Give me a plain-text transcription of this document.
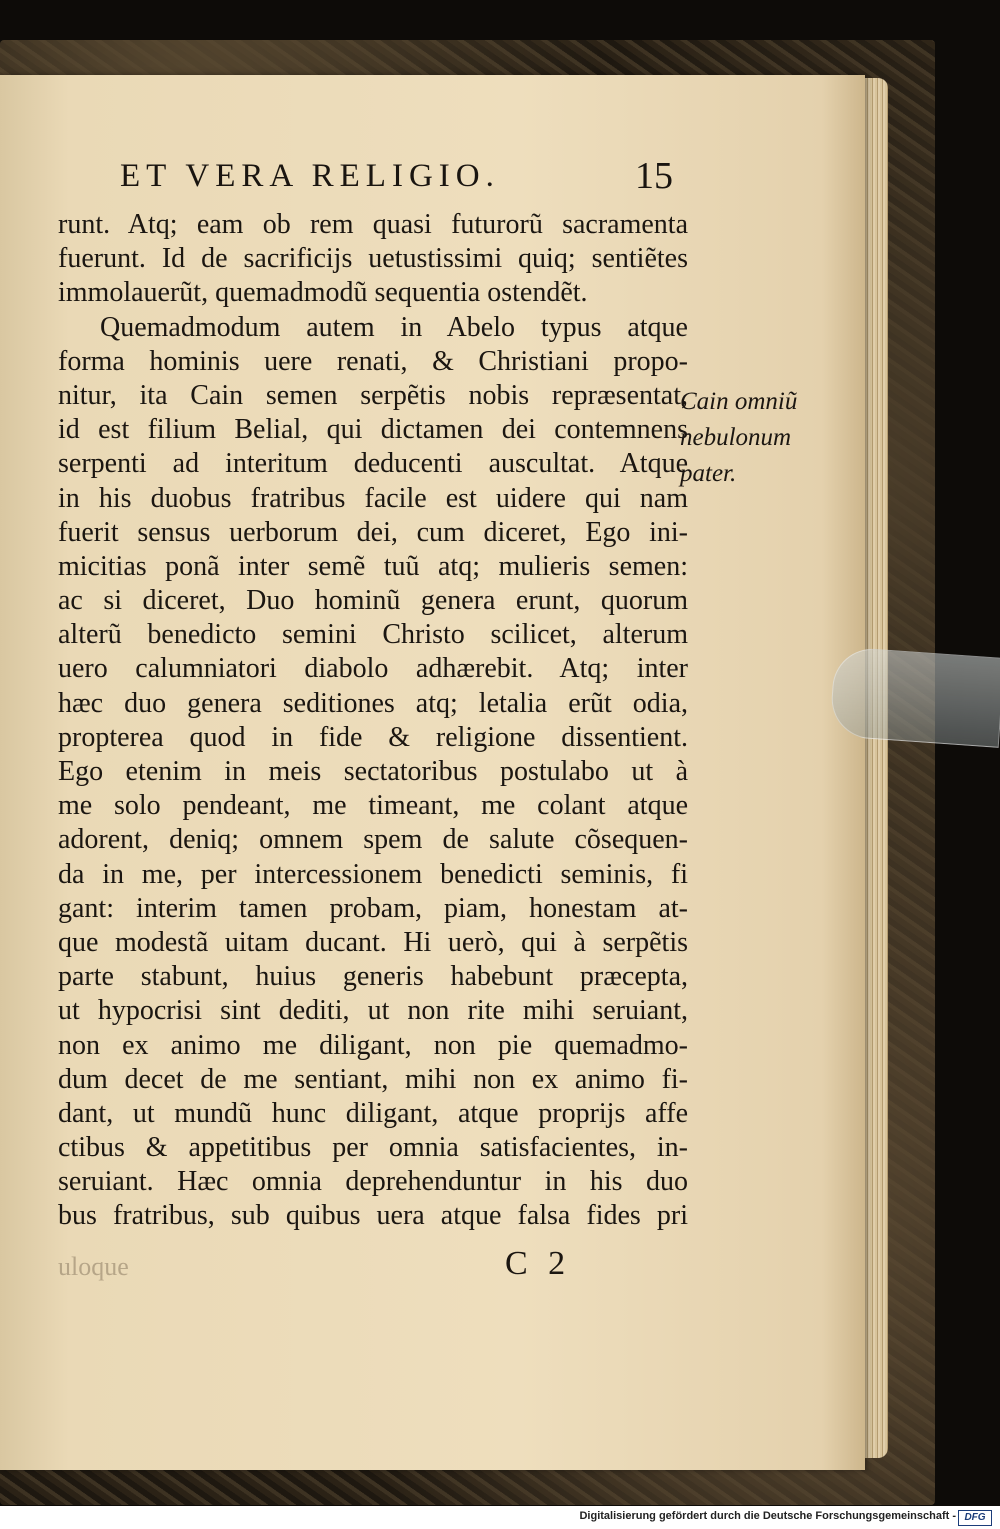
ET VERA RELIGIO.	15
runt. Atq; eam ob rem quasi futurorũ sacramenta
fuerunt. Id de sacrificijs uetustissimi quiq; sentiẽtes
immolauerũt, quemadmodũ sequentia ostendẽt.
Quemadmodum autem in Abelo typus atque
forma hominis uere renati, & Christiani propo-
nitur, ita Cain semen serpẽtis nobis repræsentat,
id est filium Belial, qui dictamen dei contemnens
serpenti ad interitum deducenti auscultat. Atque
in his duobus fratribus facile est uidere qui nam
fuerit sensus uerborum dei, cum diceret, Ego ini-
micitias ponã inter semẽ tuũ atq; mulieris semen:
ac si diceret, Duo hominũ genera erunt, quorum
alterũ benedicto semini Christo scilicet, alterum
uero calumniatori diabolo adhærebit. Atq; inter
hæc duo genera seditiones atq; letalia erũt odia,
propterea quod in fide & religione dissentient.
Ego etenim in meis sectatoribus postulabo ut à
me solo pendeant, me timeant, me colant atque
adorent, deniq; omnem spem de salute cõsequen-
da in me, per intercessionem benedicti seminis, fi
gant: interim tamen probam, piam, honestam at-
que modestã uitam ducant. Hi uerò, qui à serpẽtis
parte stabunt, huius generis habebunt præcepta,
ut hypocrisi sint dediti, ut non rite mihi seruiant,
non ex animo me diligant, non pie quemadmo-
dum decet de me sentiant, mihi non ex animo fi-
dant, ut mundũ hunc diligant, atque proprijs affe
ctibus & appetitibus per omnia satisfacientes, in-
seruiant. Hæc omnia deprehenduntur in his duo
bus fratribus, sub quibus uera atque falsa fides pri
Cain omniũ
nebulonum
pater.
uloque	C 2
Digitalisierung gefördert durch die Deutsche Forschungsgemeinschaft - DFG
